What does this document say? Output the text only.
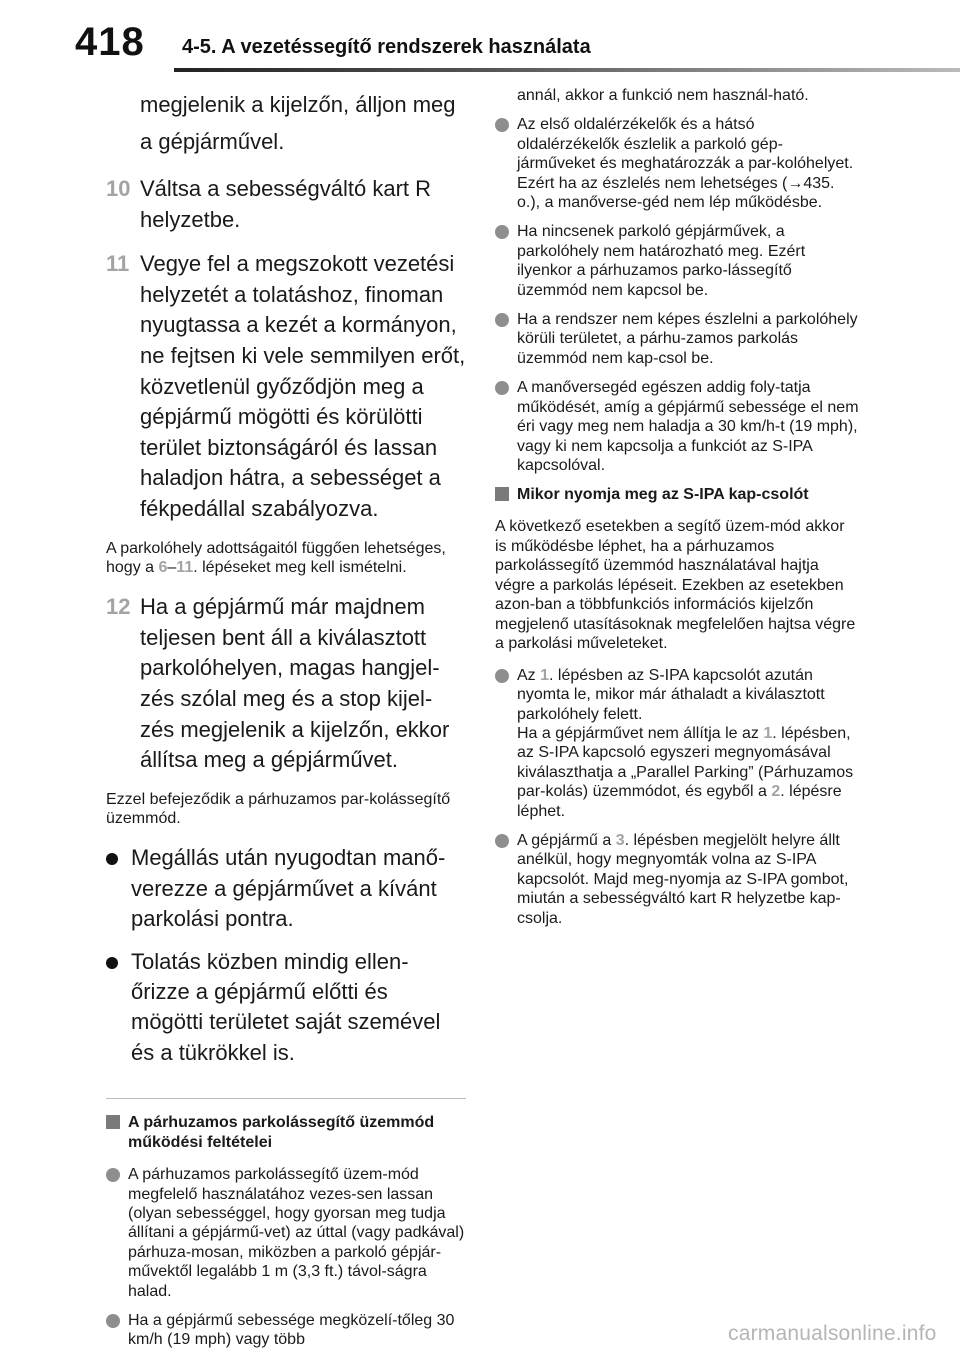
418 4-5. A vezetéssegítő rendszerek használata
megjelenik a kijelzőn, álljon meg
a gépjárművel.
10 Váltsa a sebességváltó kart R helyzetbe.
11 Vegye fel a megszokott vezetési helyzetét a tolatáshoz, finoman nyugtassa a kezét a kormányon, ne fejtsen ki vele semmilyen erőt, közvetlenül győződjön meg a gépjármű mögötti és körülötti terület biztonságáról és lassan haladjon hátra, a sebességet a fékpedállal szabályozva.
A parkolóhely adottságaitól függően lehetséges, hogy a 6–11. lépéseket meg kell ismételni.
12 Ha a gépjármű már majdnem teljesen bent áll a kiválasztott parkolóhelyen, magas hangjel-zés szólal meg és a stop kijel-zés megjelenik a kijelzőn, ekkor állítsa meg a gépjárművet.
Ezzel befejeződik a párhuzamos par-kolássegítő üzemmód.
Megállás után nyugodtan manő-verezze a gépjárművet a kívánt parkolási pontra.
Tolatás közben mindig ellen-őrizze a gépjármű előtti és mögötti területet saját szemével és a tükrökkel is.
A párhuzamos parkolássegítő üzemmód működési feltételei
A párhuzamos parkolássegítő üzem-mód megfelelő használatához vezes-sen lassan (olyan sebességgel, hogy gyorsan meg tudja állítani a gépjármű-vet) az úttal (vagy padkával) párhuza-mosan, miközben a parkoló gépjár-művektől legalább 1 m (3,3 ft.) távol-ságra halad.
Ha a gépjármű sebessége megközelí-tőleg 30 km/h (19 mph) vagy több
annál, akkor a funkció nem használ-ható.
Az első oldalérzékelők és a hátsó oldalérzékelők észlelik a parkoló gép-járműveket és meghatározzák a par-kolóhelyet. Ezért ha az észlelés nem lehetséges (→435. o.), a manőverse-géd nem lép működésbe.
Ha nincsenek parkoló gépjárművek, a parkolóhely nem határozható meg. Ezért ilyenkor a párhuzamos parko-lássegítő üzemmód nem kapcsol be.
Ha a rendszer nem képes észlelni a parkolóhely körüli területet, a párhu-zamos parkolás üzemmód nem kap-csol be.
A manőversegéd egészen addig foly-tatja működését, amíg a gépjármű sebessége el nem éri vagy meg nem haladja a 30 km/h-t (19 mph), vagy ki nem kapcsolja a funkciót az S-IPA kapcsolóval.
Mikor nyomja meg az S-IPA kap-csolót
A következő esetekben a segítő üzem-mód akkor is működésbe léphet, ha a párhuzamos parkolássegítő üzemmód használatával hajtja végre a parkolás lépéseit. Ezekben az esetekben azon-ban a többfunkciós információs kijelzőn megjelenő utasításoknak megfelelően hajtsa végre a parkolási műveleteket.
Az 1. lépésben az S-IPA kapcsolót azután nyomta le, mikor már áthaladt a kiválasztott parkolóhely felett.
Ha a gépjárművet nem állítja le az 1. lépésben, az S-IPA kapcsoló egyszeri megnyomásával kiválaszthatja a „Parallel Parking” (Párhuzamos par-kolás) üzemmódot, és egyből a 2. lépésre léphet.
A gépjármű a 3. lépésben megjelölt helyre állt anélkül, hogy megnyomták volna az S-IPA kapcsolót. Majd meg-nyomja az S-IPA gombot, miután a sebességváltó kart R helyzetbe kap-csolja.
carmanualsonline.info
